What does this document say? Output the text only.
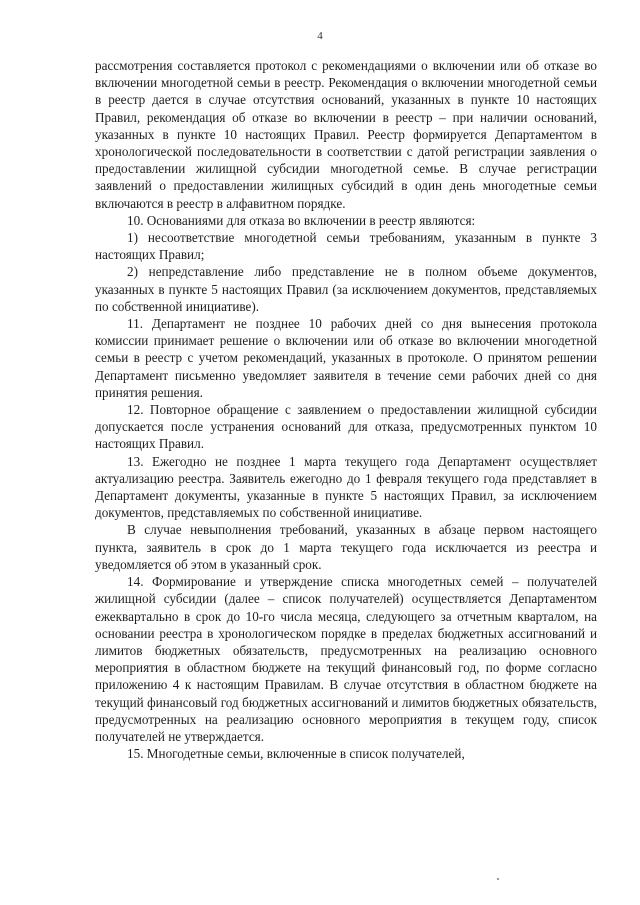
4

рассмотрения составляется протокол с рекомендациями о включении или об отказе во включении многодетной семьи в реестр. Рекомендация о включении многодетной семьи в реестр дается в случае отсутствия оснований, указанных в пункте 10 настоящих Правил, рекомендация об отказе во включении в реестр – при наличии оснований, указанных в пункте 10 настоящих Правил. Реестр формируется Департаментом в хронологической последовательности в соответствии с датой регистрации заявления о предоставлении жилищной субсидии многодетной семье. В случае регистрации заявлений о предоставлении жилищных субсидий в один день многодетные семьи включаются в реестр в алфавитном порядке.

10. Основаниями для отказа во включении в реестр являются:

1) несоответствие многодетной семьи требованиям, указанным в пункте 3 настоящих Правил;

2) непредставление либо представление не в полном объеме документов, указанных в пункте 5 настоящих Правил (за исключением документов, представляемых по собственной инициативе).

11. Департамент не позднее 10 рабочих дней со дня вынесения протокола комиссии принимает решение о включении или об отказе во включении многодетной семьи в реестр с учетом рекомендаций, указанных в протоколе. О принятом решении Департамент письменно уведомляет заявителя в течение семи рабочих дней со дня принятия решения.

12. Повторное обращение с заявлением о предоставлении жилищной субсидии допускается после устранения оснований для отказа, предусмотренных пунктом 10 настоящих Правил.

13. Ежегодно не позднее 1 марта текущего года Департамент осуществляет актуализацию реестра. Заявитель ежегодно до 1 февраля текущего года представляет в Департамент документы, указанные в пункте 5 настоящих Правил, за исключением документов, представляемых по собственной инициативе.

В случае невыполнения требований, указанных в абзаце первом настоящего пункта, заявитель в срок до 1 марта текущего года исключается из реестра и уведомляется об этом в указанный срок.

14. Формирование и утверждение списка многодетных семей – получателей жилищной субсидии (далее – список получателей) осуществляется Департаментом ежеквартально в срок до 10-го числа месяца, следующего за отчетным кварталом, на основании реестра в хронологическом порядке в пределах бюджетных ассигнований и лимитов бюджетных обязательств, предусмотренных на реализацию основного мероприятия в областном бюджете на текущий финансовый год, по форме согласно приложению 4 к настоящим Правилам. В случае отсутствия в областном бюджете на текущий финансовый год бюджетных ассигнований и лимитов бюджетных обязательств, предусмотренных на реализацию основного мероприятия в текущем году, список получателей не утверждается.

15. Многодетные семьи, включенные в список получателей,
